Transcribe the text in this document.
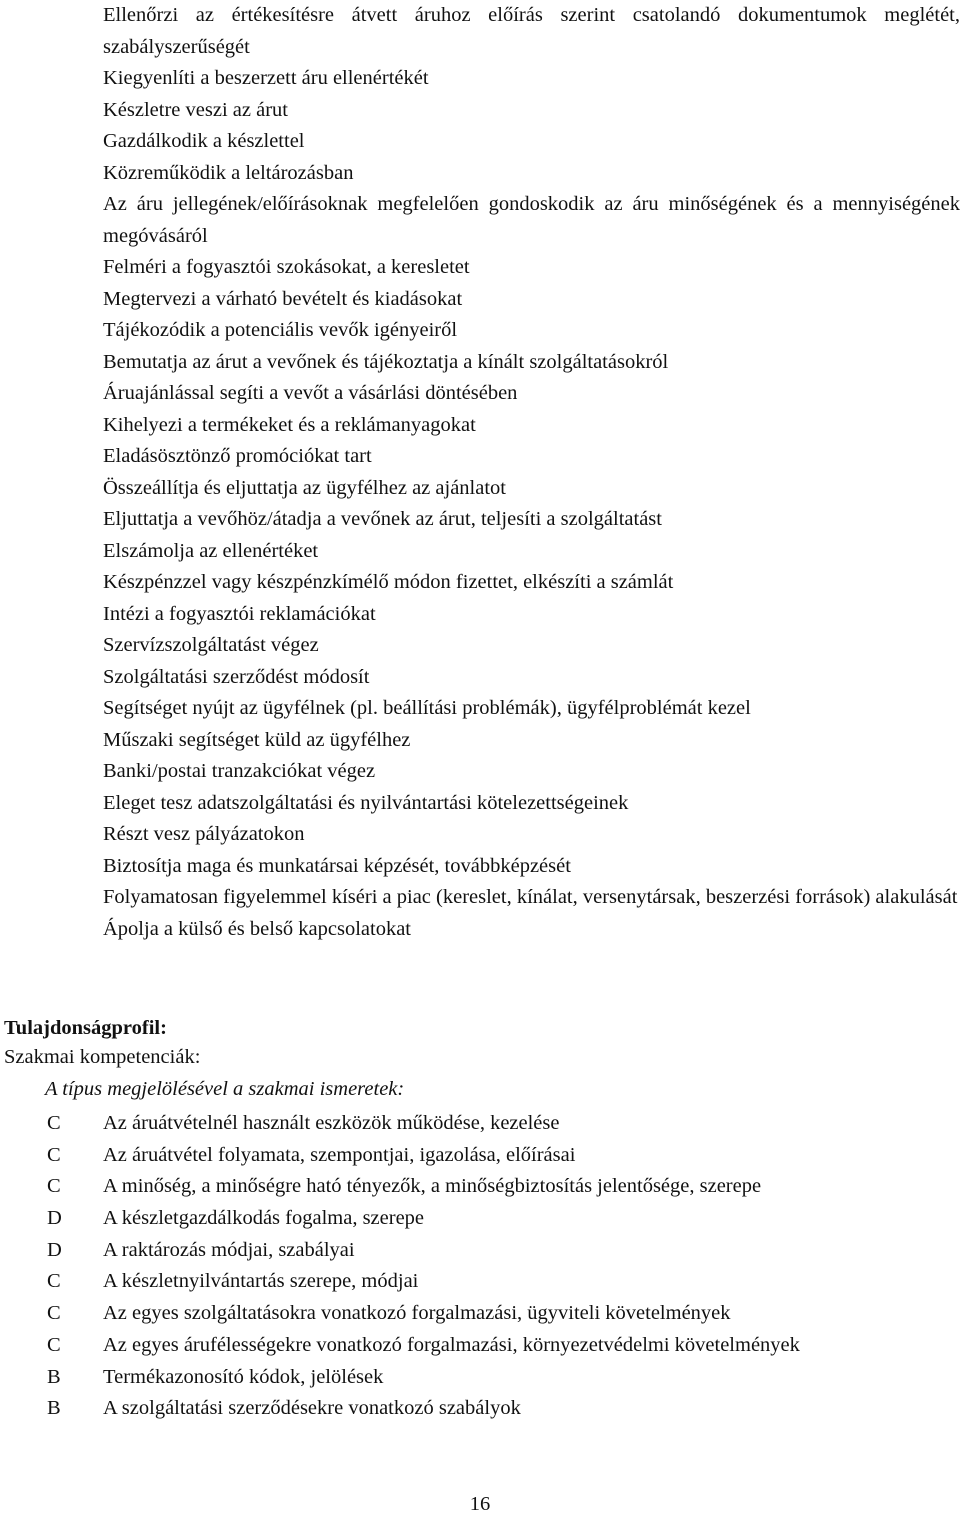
Ellenőrzi az értékesítésre átvett áruhoz előírás szerint csatolandó dokumentumok meglétét, szabályszerűségét

Kiegyenlíti a beszerzett áru ellenértékét

Készletre veszi az árut

Gazdálkodik a készlettel

Közreműködik a leltározásban

Az áru jellegének/előírásoknak megfelelően gondoskodik az áru minőségének és a mennyiségének megóvásáról

Felméri a fogyasztói szokásokat, a keresletet

Megtervezi a várható bevételt és kiadásokat

Tájékozódik a potenciális vevők igényeiről

Bemutatja az árut a vevőnek és tájékoztatja a kínált szolgáltatásokról

Áruajánlással segíti a vevőt a vásárlási döntésében

Kihelyezi a termékeket és a reklámanyagokat

Eladásösztönző promóciókat tart

Összeállítja és eljuttatja az ügyfélhez az ajánlatot

Eljuttatja a vevőhöz/átadja a vevőnek az árut, teljesíti a szolgáltatást

Elszámolja az ellenértéket

Készpénzzel vagy készpénzkímélő módon fizettet, elkészíti a számlát

Intézi a fogyasztói reklamációkat

Szervízszolgáltatást végez

Szolgáltatási szerződést módosít

Segítséget nyújt az ügyfélnek (pl. beállítási problémák), ügyfélproblémát kezel

Műszaki segítséget küld az ügyfélhez

Banki/postai tranzakciókat végez

Eleget tesz adatszolgáltatási és nyilvántartási kötelezettségeinek

Részt vesz pályázatokon

Biztosítja maga és munkatársai képzését, továbbképzését

Folyamatosan figyelemmel kíséri a piac (kereslet, kínálat, versenytársak, beszerzési források) alakulását

Ápolja a külső és belső kapcsolatokat

Tulajdonságprofil:

Szakmai kompetenciák:

A típus megjelölésével a szakmai ismeretek:

C Az áruátvételnél használt eszközök működése, kezelése
C Az áruátvétel folyamata, szempontjai, igazolása, előírásai
C A minőség, a minőségre ható tényezők, a minőségbiztosítás jelentősége, szerepe
D A készletgazdálkodás fogalma, szerepe
D A raktározás módjai, szabályai
C A készletnyilvántartás szerepe, módjai
C Az egyes szolgáltatásokra vonatkozó forgalmazási, ügyviteli követelmények
C Az egyes árufélességekre vonatkozó forgalmazási, környezetvédelmi követelmények
B Termékazonosító kódok, jelölések
B A szolgáltatási szerződésekre vonatkozó szabályok
16
